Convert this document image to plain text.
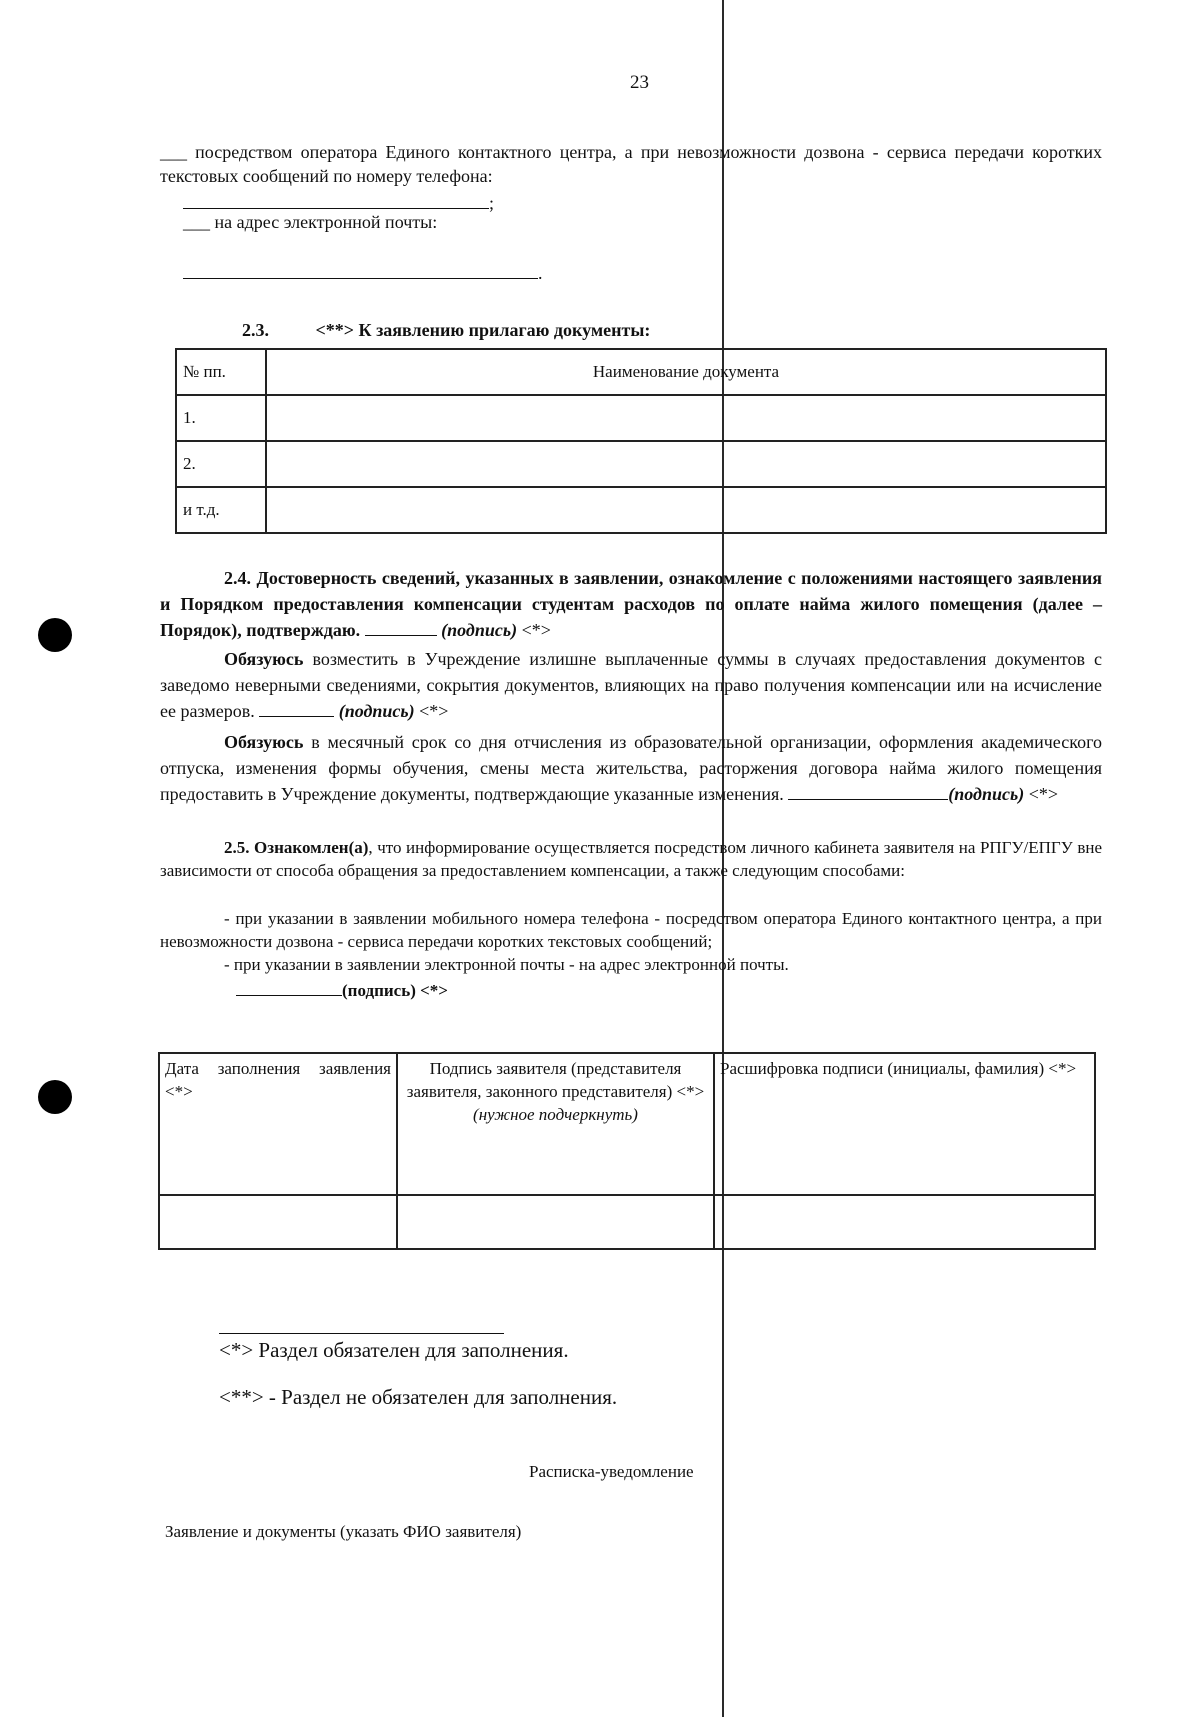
23
___ посредством оператора Единого контактного центра, а при невозможности дозвона - сервиса передачи коротких текстовых сообщений по номеру телефона:
;
___ на адрес электронной почты:
.
2.3.	<**> К заявлению прилагаю документы:
№ пп.	Наименование документа
1.	
2.	
и т.д.	
2.4. Достоверность сведений, указанных в заявлении, ознакомление с положениями настоящего заявления и Порядком предоставления компенсации студентам расходов по оплате найма жилого помещения (далее – Порядок), подтверждаю.	(подпись) <*>
Обязуюсь возместить в Учреждение излишне выплаченные суммы в случаях предоставления документов с заведомо неверными сведениями, сокрытия документов, влияющих на право получения компенсации или на исчисление ее размеров.	(подпись) <*>
Обязуюсь в месячный срок со дня отчисления из образовательной организации, оформления академического отпуска, изменения формы обучения, смены места жительства, расторжения договора найма жилого помещения предоставить в Учреждение документы, подтверждающие указанные изменения.	(подпись) <*>
2.5. Ознакомлен(а), что информирование осуществляется посредством личного кабинета заявителя на РПГУ/ЕПГУ вне зависимости от способа обращения за предоставлением компенсации, а также следующим способами:
- при указании в заявлении мобильного номера телефона - посредством оператора Единого контактного центра, а при невозможности дозвона - сервиса передачи коротких текстовых сообщений;
- при указании в заявлении электронной почты - на адрес электронной почты.
(подпись) <*>
Дата заполнения заявления <*>	Подпись заявителя (представителя заявителя, законного представителя) <*> (нужное подчеркнуть)	Расшифровка подписи (инициалы, фамилия) <*>

<*> Раздел обязателен для заполнения.
<**> - Раздел не обязателен для заполнения.
Расписка-уведомление
Заявление и документы (указать ФИО заявителя)
